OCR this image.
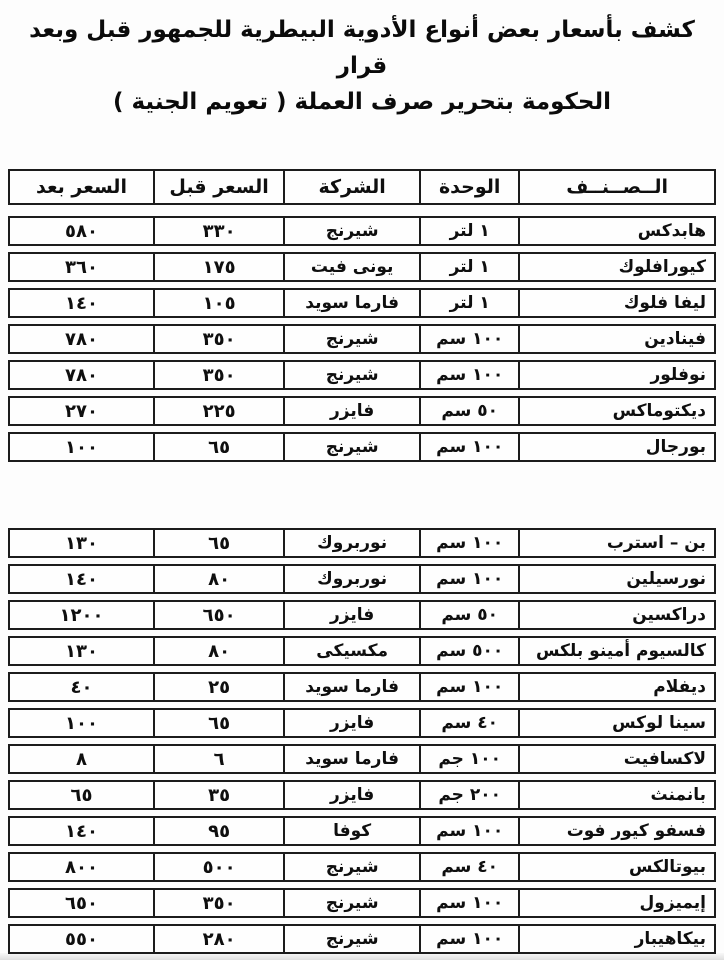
كشف بأسعار بعض أنواع الأدوية البيطرية للجمهور قبل وبعد قرار
الحكومة بتحرير صرف العملة ( تعويم الجنية )
الــصــنــف
الوحدة
الشركة
السعر قبل
السعر بعد
هابدكس
١ لتر
شيرنج
٣٣٠
٥٨٠
كيورافلوك
١ لتر
يونى فيت
١٧٥
٣٦٠
ليفا فلوك
١ لتر
فارما سويد
١٠٥
١٤٠
فينادين
١٠٠ سم
شيرنج
٣٥٠
٧٨٠
نوفلور
١٠٠ سم
شيرنج
٣٥٠
٧٨٠
ديكتوماكس
٥٠ سم
فايزر
٢٢٥
٢٧٠
بورجال
١٠٠ سم
شيرنج
٦٥
١٠٠
بن – استرب
١٠٠ سم
نوربروك
٦٥
١٣٠
نورسيلين
١٠٠ سم
نوربروك
٨٠
١٤٠
دراكسين
٥٠ سم
فايزر
٦٥٠
١٢٠٠
كالسيوم أمينو بلكس
٥٠٠ سم
مكسيكى
٨٠
١٣٠
ديفلام
١٠٠ سم
فارما سويد
٢٥
٤٠
سينا لوكس
٤٠ سم
فايزر
٦٥
١٠٠
لاكسافيت
١٠٠ جم
فارما سويد
٦
٨
بانمنث
٢٠٠ جم
فايزر
٣٥
٦٥
فسفو كيور فوت
١٠٠ سم
كوفا
٩٥
١٤٠
بيوتالكس
٤٠ سم
شيرنج
٥٠٠
٨٠٠
إيميزول
١٠٠ سم
شيرنج
٣٥٠
٦٥٠
بيكاهيبار
١٠٠ سم
شيرنج
٢٨٠
٥٥٠
